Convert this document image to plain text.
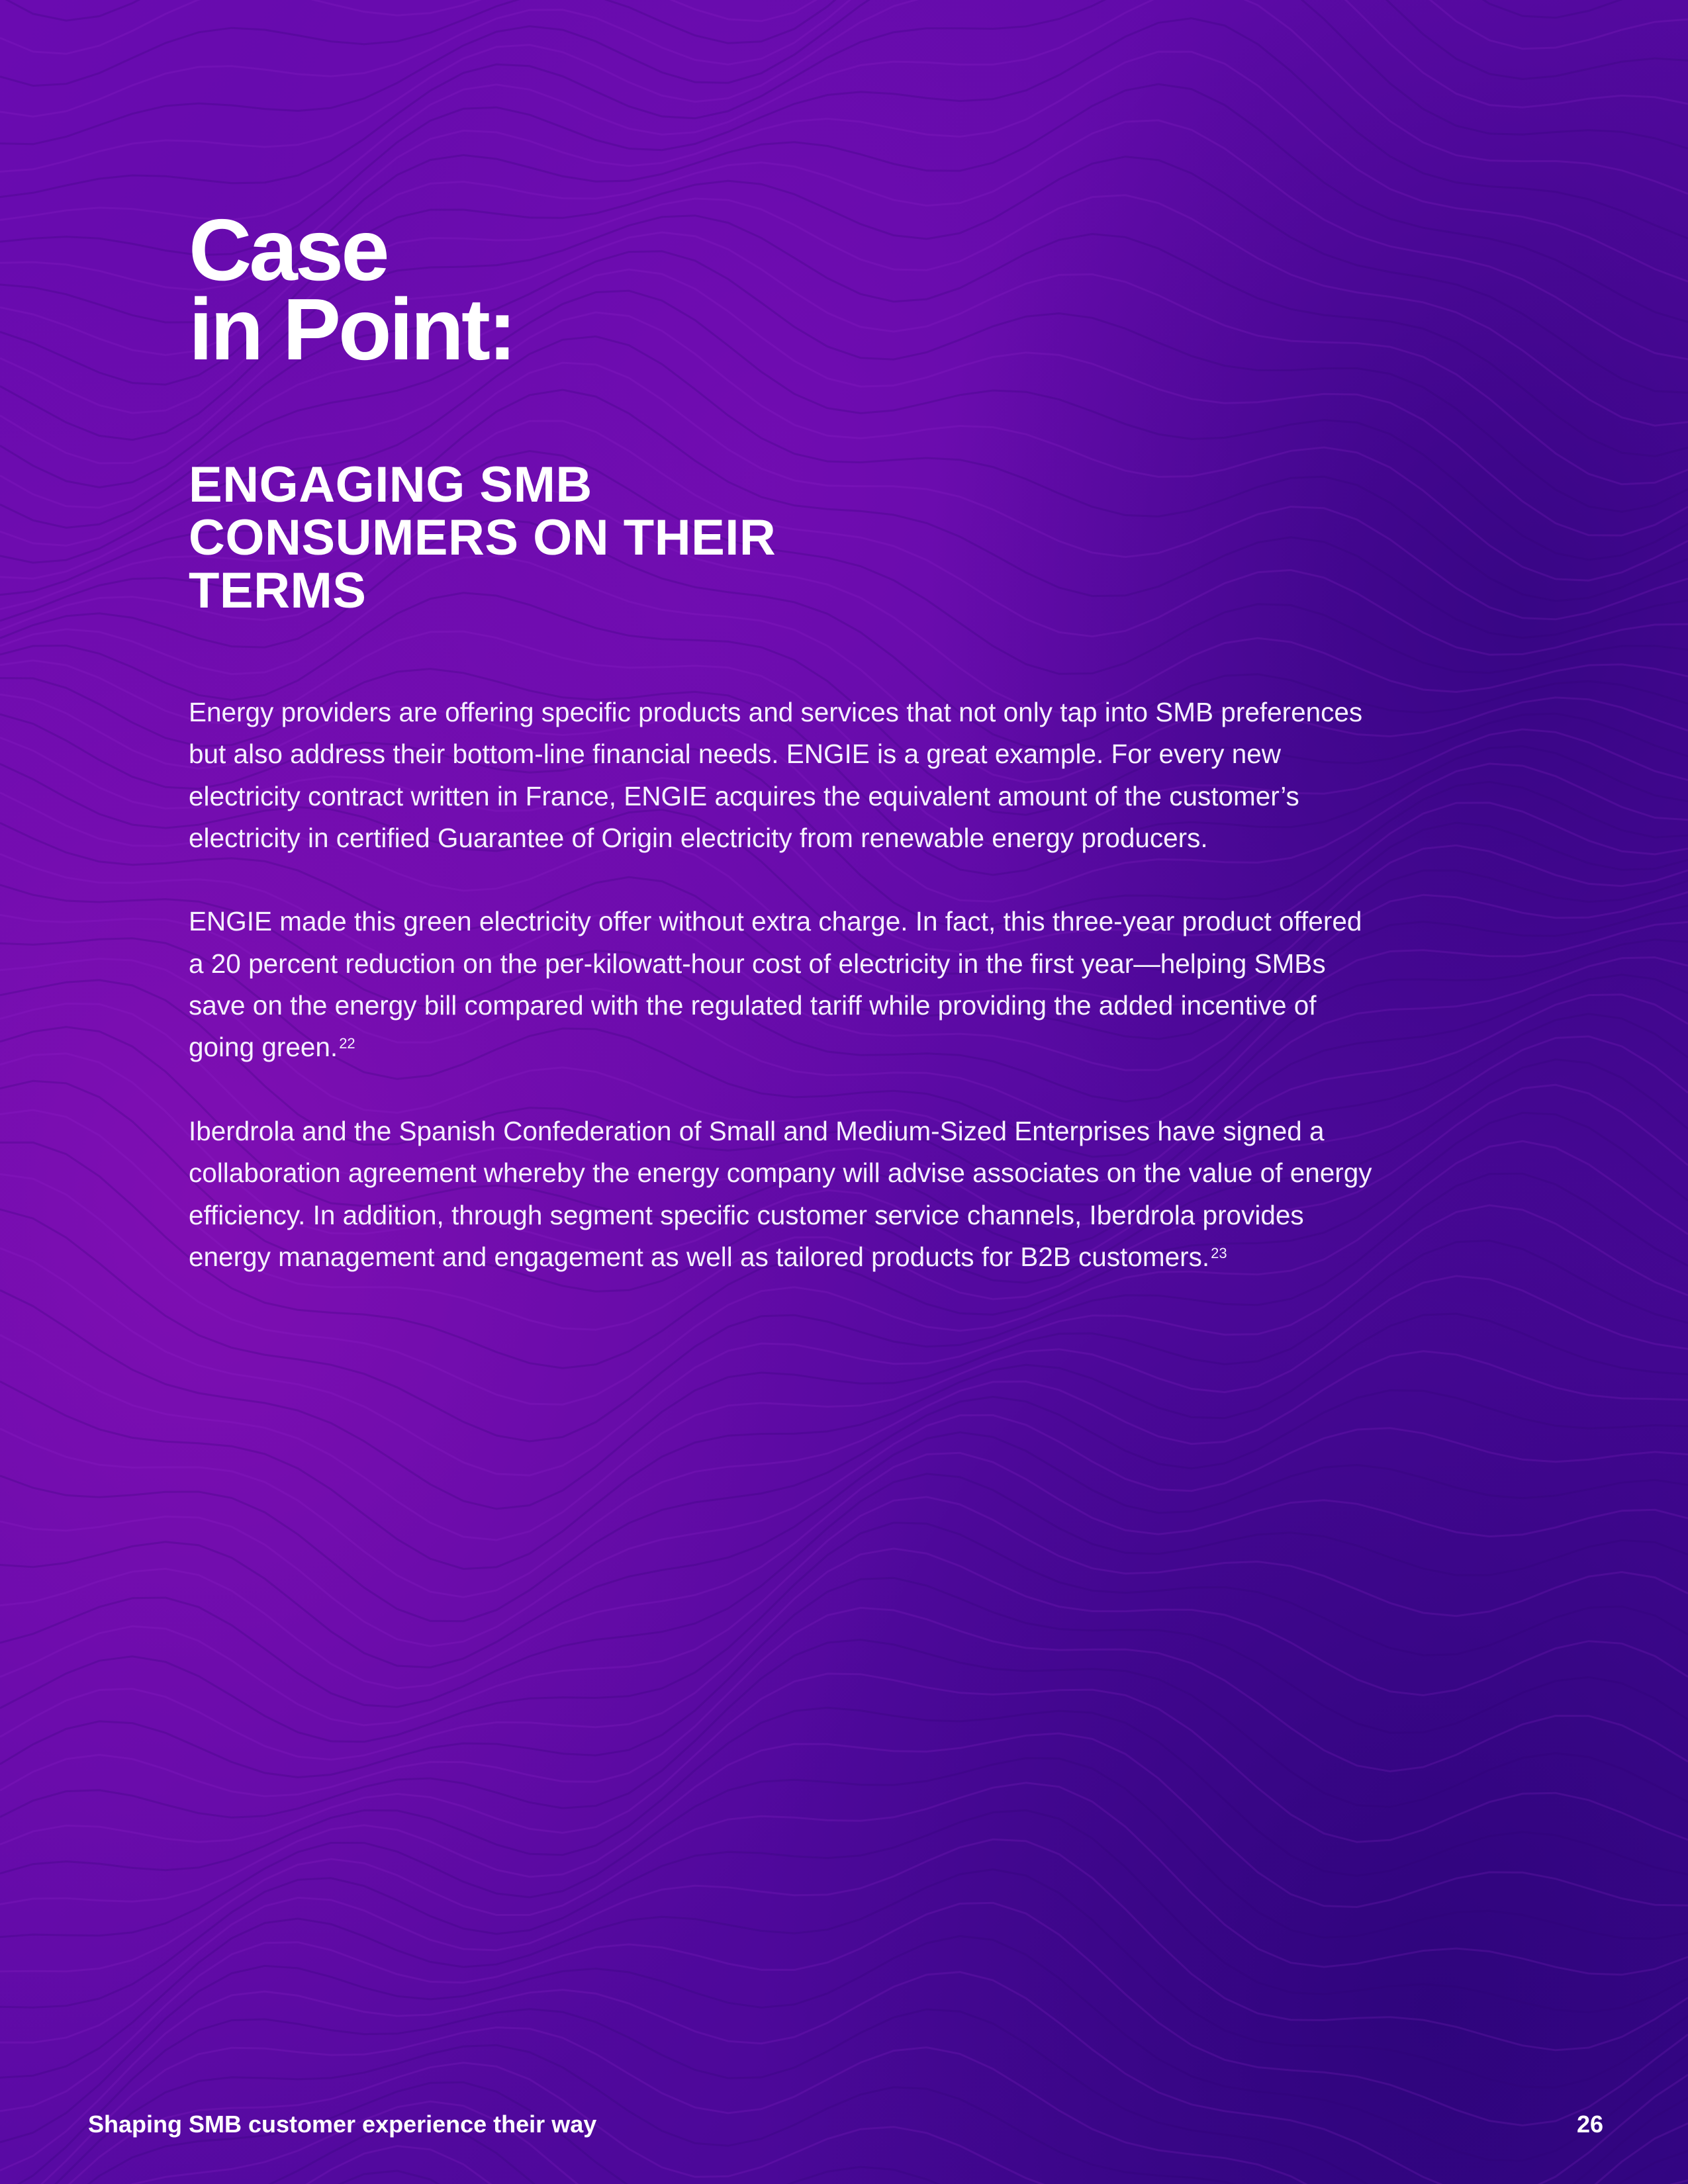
Case
in Point:
ENGAGING SMB
CONSUMERS ON THEIR
TERMS

Energy providers are offering specific products and services that not only tap into SMB preferences
but also address their bottom-line financial needs. ENGIE is a great example. For every new
electricity contract written in France, ENGIE acquires the equivalent amount of the customer’s
electricity in certified Guarantee of Origin electricity from renewable energy producers.

ENGIE made this green electricity offer without extra charge. In fact, this three-year product offered
a 20 percent reduction on the per-kilowatt-hour cost of electricity in the first year—helping SMBs
save on the energy bill compared with the regulated tariff while providing the added incentive of
going green.$^{22}$

Iberdrola and the Spanish Confederation of Small and Medium-Sized Enterprises have signed a
collaboration agreement whereby the energy company will advise associates on the value of energy
efficiency. In addition, through segment specific customer service channels, Iberdrola provides
energy management and engagement as well as tailored products for B2B customers.$^{23}$

Shaping SMB customer experience their way	26
